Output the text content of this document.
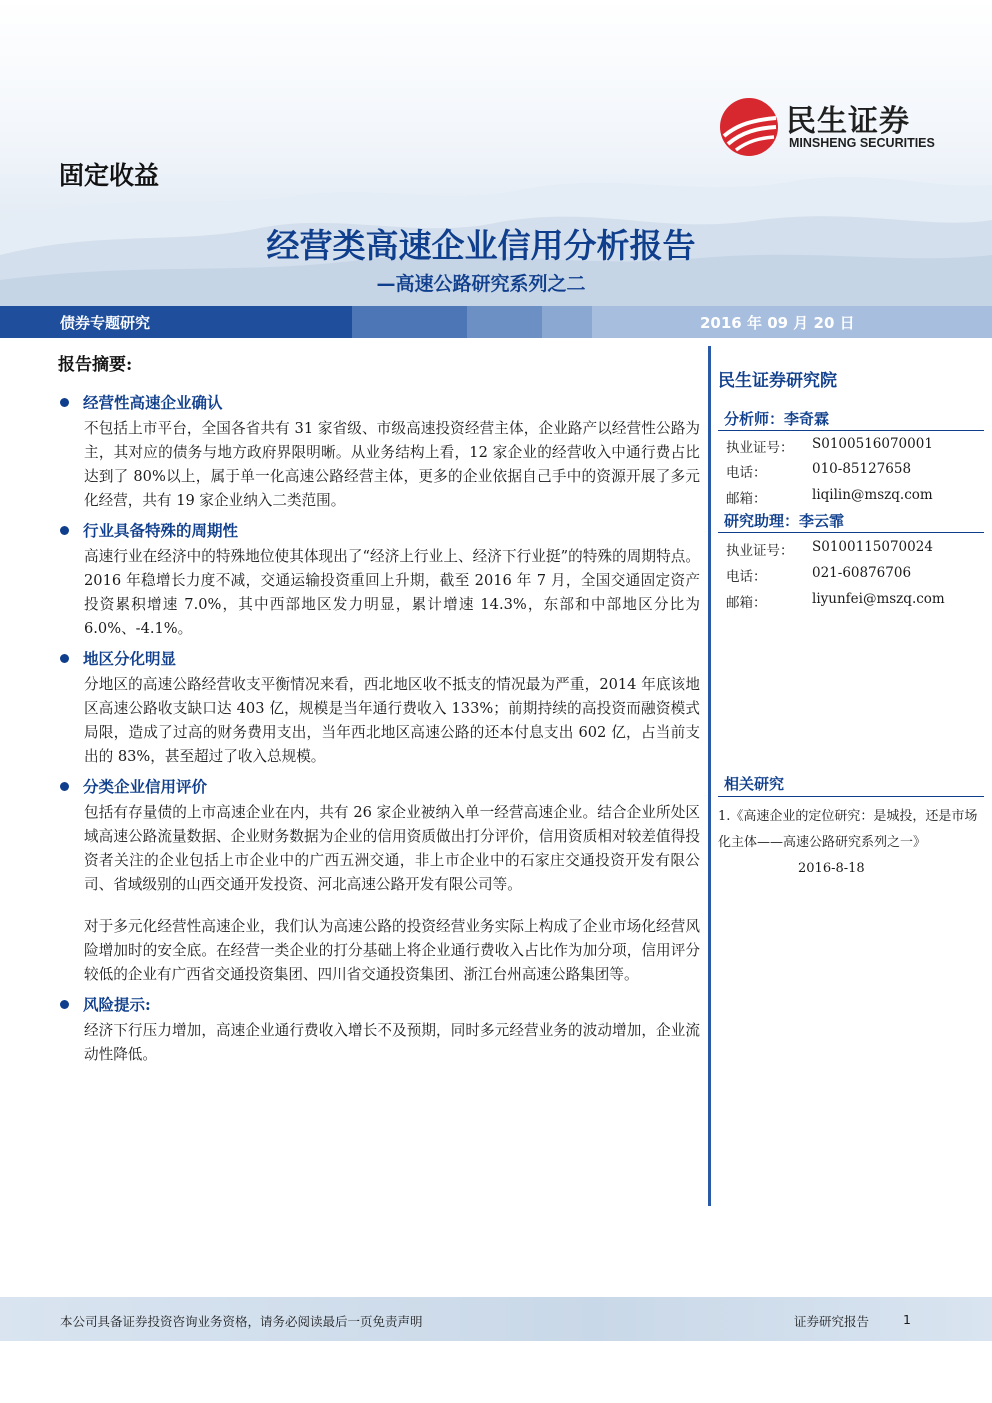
民生证券
MINSHENG SECURITIES
固定收益
经营类高速企业信用分析报告
—高速公路研究系列之二
债券专题研究	2016 年 09 月 20 日
报告摘要:
经营性高速企业确认

不包括上市平台，全国各省共有 31 家省级、市级高速投资经营主体，企业路产以经营性公路为主，其对应的债务与地方政府界限明晰。从业务结构上看，12 家企业的经营收入中通行费占比达到了 80%以上，属于单一化高速公路经营主体，更多的企业依据自己手中的资源开展了多元化经营，共有 19 家企业纳入二类范围。

行业具备特殊的周期性

高速行业在经济中的特殊地位使其体现出了“经济上行业上、经济下行业挺”的特殊的周期特点。2016 年稳增长力度不减，交通运输投资重回上升期，截至 2016 年 7 月，全国交通固定资产投资累积增速 7.0%，其中西部地区发力明显，累计增速 14.3%，东部和中部地区分比为 6.0%、-4.1%。

地区分化明显

分地区的高速公路经营收支平衡情况来看，西北地区收不抵支的情况最为严重，2014 年底该地区高速公路收支缺口达 403 亿，规模是当年通行费收入 133%；前期持续的高投资而融资模式局限，造成了过高的财务费用支出，当年西北地区高速公路的还本付息支出 602 亿，占当前支出的 83%，甚至超过了收入总规模。

分类企业信用评价

包括有存量债的上市高速企业在内，共有 26 家企业被纳入单一经营高速企业。结合企业所处区域高速公路流量数据、企业财务数据为企业的信用资质做出打分评价，信用资质相对较差值得投资者关注的企业包括上市企业中的广西五洲交通，非上市企业中的石家庄交通投资开发有限公司、省域级别的山西交通开发投资、河北高速公路开发有限公司等。

对于多元化经营性高速企业，我们认为高速公路的投资经营业务实际上构成了企业市场化经营风险增加时的安全底。在经营一类企业的打分基础上将企业通行费收入占比作为加分项，信用评分较低的企业有广西省交通投资集团、四川省交通投资集团、浙江台州高速公路集团等。

风险提示:

经济下行压力增加，高速企业通行费收入增长不及预期，同时多元经营业务的波动增加，企业流动性降低。

民生证券研究院
分析师：李奇霖
执业证号： S0100516070001
电话：	010-85127658
邮箱：	liqilin@mszq.com
研究助理：李云霏
执业证号： S0100115070024
电话：	021-60876706
邮箱：	liyunfei@mszq.com
相关研究
1.《高速企业的定位研究：是城投，还是市场化主体——高速公路研究系列之一》2016-8-18
本公司具备证券投资咨询业务资格，请务必阅读最后一页免责声明	证券研究报告	1
